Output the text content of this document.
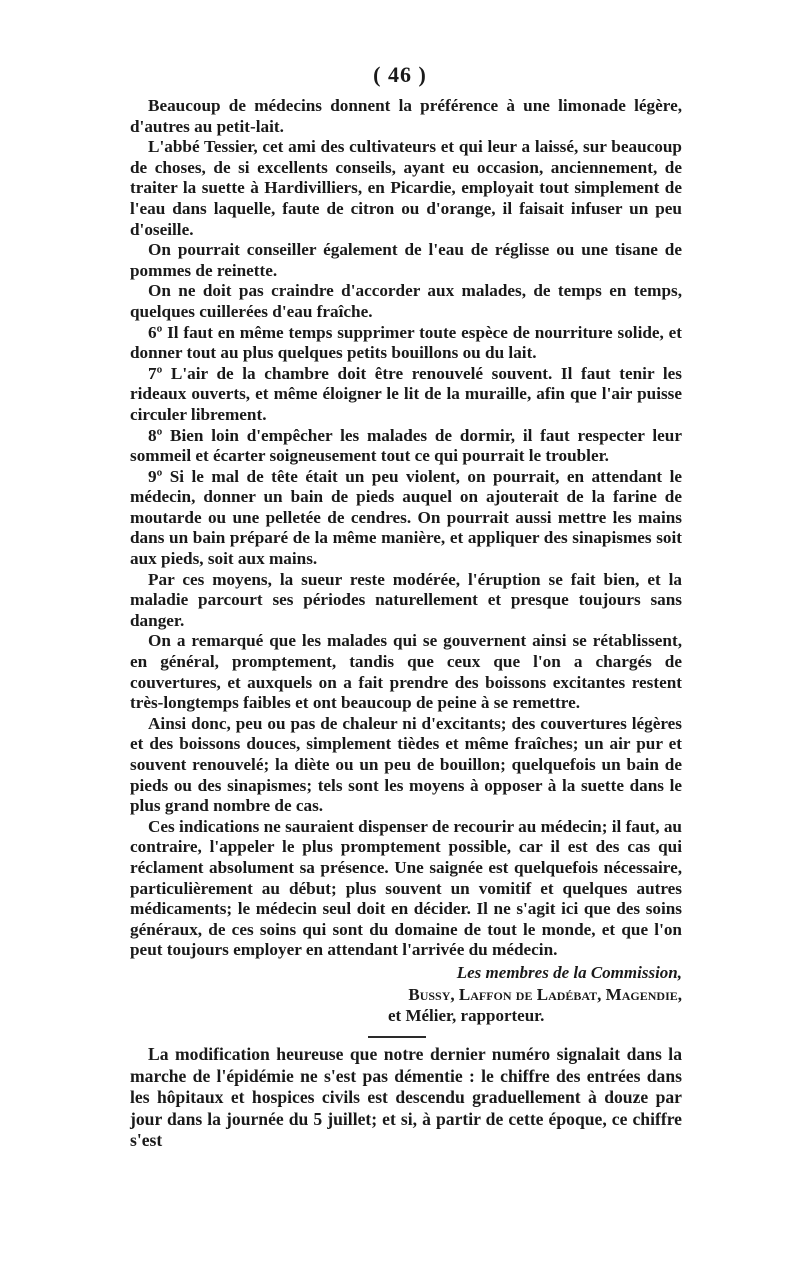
( 46 )

Beaucoup de médecins donnent la préférence à une limonade légère, d'autres au petit-lait.

L'abbé Tessier, cet ami des cultivateurs et qui leur a laissé, sur beaucoup de choses, de si excellents conseils, ayant eu occasion, anciennement, de traiter la suette à Hardivilliers, en Picardie, employait tout simplement de l'eau dans laquelle, faute de citron ou d'orange, il faisait infuser un peu d'oseille.

On pourrait conseiller également de l'eau de réglisse ou une tisane de pommes de reinette.

On ne doit pas craindre d'accorder aux malades, de temps en temps, quelques cuillerées d'eau fraîche.

6º Il faut en même temps supprimer toute espèce de nourriture solide, et donner tout au plus quelques petits bouillons ou du lait.

7º L'air de la chambre doit être renouvelé souvent. Il faut tenir les rideaux ouverts, et même éloigner le lit de la muraille, afin que l'air puisse circuler librement.

8º Bien loin d'empêcher les malades de dormir, il faut respecter leur sommeil et écarter soigneusement tout ce qui pourrait le troubler.

9º Si le mal de tête était un peu violent, on pourrait, en attendant le médecin, donner un bain de pieds auquel on ajouterait de la farine de moutarde ou une pelletée de cendres. On pourrait aussi mettre les mains dans un bain préparé de la même manière, et appliquer des sinapismes soit aux pieds, soit aux mains.

Par ces moyens, la sueur reste modérée, l'éruption se fait bien, et la maladie parcourt ses périodes naturellement et presque toujours sans danger.

On a remarqué que les malades qui se gouvernent ainsi se rétablissent, en général, promptement, tandis que ceux que l'on a chargés de couvertures, et auxquels on a fait prendre des boissons excitantes restent très-longtemps faibles et ont beaucoup de peine à se remettre.

Ainsi donc, peu ou pas de chaleur ni d'excitants; des couvertures légères et des boissons douces, simplement tièdes et même fraîches; un air pur et souvent renouvelé; la diète ou un peu de bouillon; quelquefois un bain de pieds ou des sinapismes; tels sont les moyens à opposer à la suette dans le plus grand nombre de cas.

Ces indications ne sauraient dispenser de recourir au médecin; il faut, au contraire, l'appeler le plus promptement possible, car il est des cas qui réclament absolument sa présence. Une saignée est quelquefois nécessaire, particulièrement au début; plus souvent un vomitif et quelques autres médicaments; le médecin seul doit en décider. Il ne s'agit ici que des soins généraux, de ces soins qui sont du domaine de tout le monde, et que l'on peut toujours employer en attendant l'arrivée du médecin.

Les membres de la Commission,
Bussy, Laffon de Ladébat, Magendie,
et Mélier, rapporteur.

La modification heureuse que notre dernier numéro signalait dans la marche de l'épidémie ne s'est pas démentie : le chiffre des entrées dans les hôpitaux et hospices civils est descendu graduellement à douze par jour dans la journée du 5 juillet; et si, à partir de cette époque, ce chiffre s'est
